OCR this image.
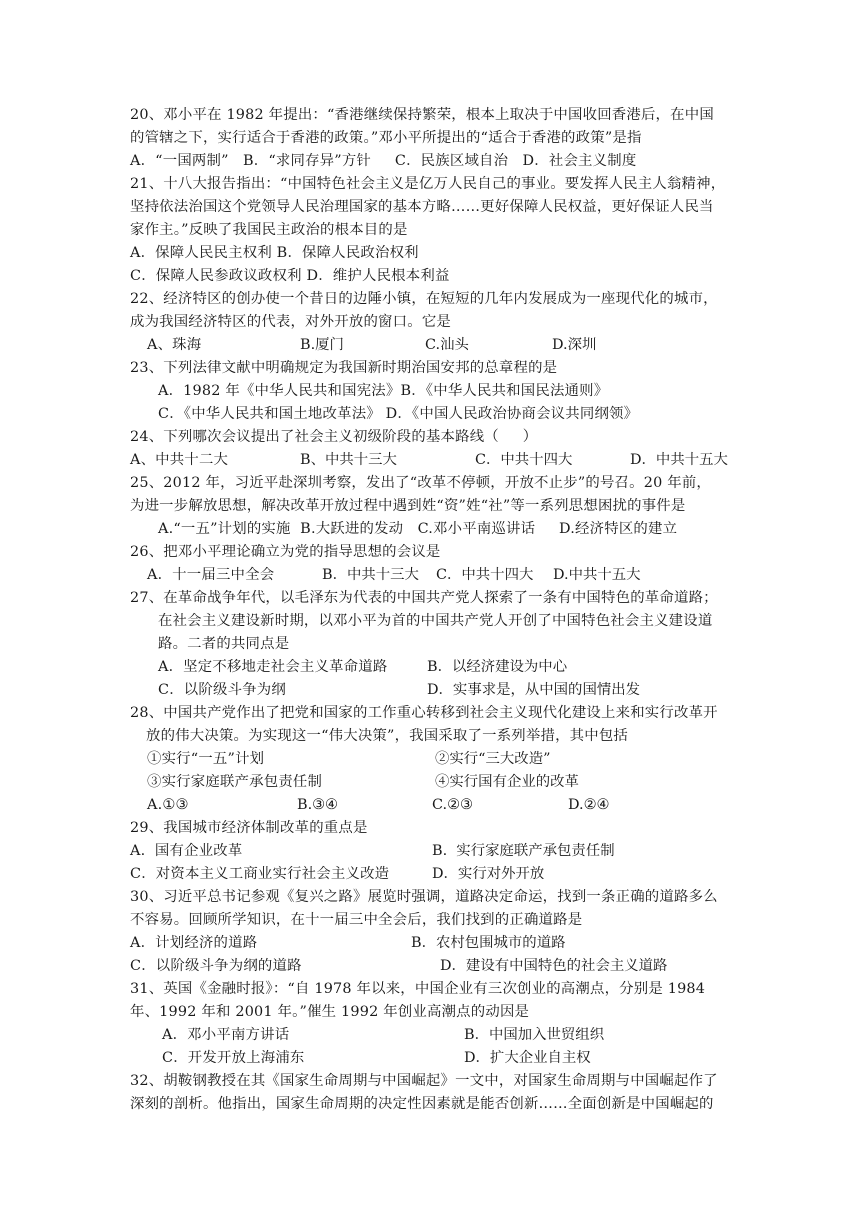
20、邓小平在 1982 年提出：“香港继续保持繁荣，根本上取决于中国收回香港后，在中国
的管辖之下，实行适合于香港的政策。”邓小平所提出的“适合于香港的政策”是指
A．“一国两制”   B．“求同存异”方针     C．民族区域自治   D．社会主义制度
21、十八大报告指出：“中国特色社会主义是亿万人民自己的事业。要发挥人民主人翁精神，
坚持依法治国这个党领导人民治理国家的基本方略……更好保障人民权益，更好保证人民当
家作主。”反映了我国民主政治的根本目的是
A．保障人民民主权利 B．保障人民政治权利
C．保障人民参政议政权利 D．维护人民根本利益
22、经济特区的创办使一个昔日的边陲小镇，在短短的几年内发展成为一座现代化的城市，
成为我国经济特区的代表，对外开放的窗口。它是
A、珠海	B.厦门	C.汕头	D.深圳
23、下列法律文献中明确规定为我国新时期治国安邦的总章程的是
A．1982 年《中华人民共和国宪法》B．《中华人民共和国民法通则》
C．《中华人民共和国土地改革法》 D．《中国人民政治协商会议共同纲领》
24、下列哪次会议提出了社会主义初级阶段的基本路线（     ）
A、中共十二大	B、中共十三大	C．中共十四大	D．中共十五大
25、2012 年，习近平赴深圳考察，发出了“改革不停顿，开放不止步”的号召。20 年前，
为进一步解放思想，解决改革开放过程中遇到姓“资”姓“社”等一系列思想困扰的事件是
A.“一五”计划的实施  B.大跃进的发动   C.邓小平南巡讲话     D.经济特区的建立
26、把邓小平理论确立为党的指导思想的会议是
A．十一届三中全会	B．中共十三大 C．中共十四大 D.中共十五大
27、在革命战争年代，以毛泽东为代表的中国共产党人探索了一条有中国特色的革命道路；
在社会主义建设新时期，以邓小平为首的中国共产党人开创了中国特色社会主义建设道
路。二者的共同点是
A．坚定不移地走社会主义革命道路	B．以经济建设为中心
C．以阶级斗争为纲	D．实事求是，从中国的国情出发
28、中国共产党作出了把党和国家的工作重心转移到社会主义现代化建设上来和实行改革开
放的伟大决策。为实现这一“伟大决策”，我国采取了一系列举措，其中包括
①实行“一五”计划	②实行“三大改造”
③实行家庭联产承包责任制	④实行国有企业的改革
A.①③	B.③④	C.②③	D.②④
29、我国城市经济体制改革的重点是
A.  国有企业改革	B.  实行家庭联产承包责任制
C．对资本主义工商业实行社会主义改造	D．实行对外开放
30、习近平总书记参观《复兴之路》展览时强调，道路决定命运，找到一条正确的道路多么
不容易。回顾所学知识，在十一届三中全会后，我们找到的正确道路是
A．计划经济的道路	B．农村包围城市的道路
C．以阶级斗争为纲的道路	D．建设有中国特色的社会主义道路
31、英国《金融时报》：“自 1978 年以来，中国企业有三次创业的高潮点，分别是 1984
年、1992 年和 2001 年。”催生 1992 年创业高潮点的动因是
A．邓小平南方讲话	B．中国加入世贸组织
C．开发开放上海浦东	D．扩大企业自主权
32、胡鞍钢教授在其《国家生命周期与中国崛起》一文中，对国家生命周期与中国崛起作了
深刻的剖析。他指出，国家生命周期的决定性因素就是能否创新……全面创新是中国崛起的
